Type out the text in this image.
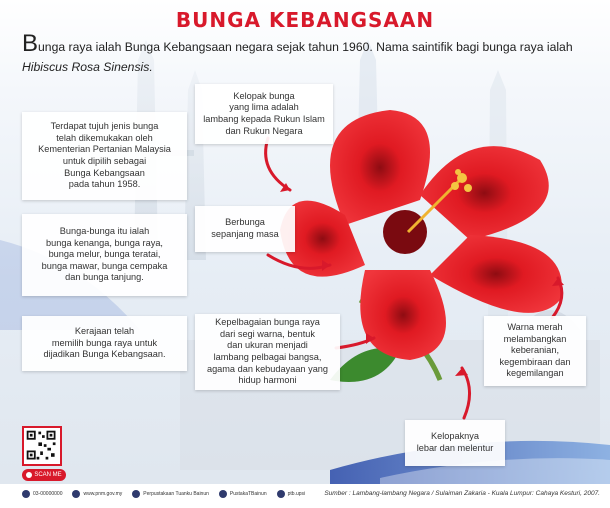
BUNGA KEBANGSAAN
Bunga raya ialah Bunga Kebangsaan negara sejak tahun 1960. Nama saintifik bagi bunga raya ialah
Hibiscus Rosa Sinensis.
Terdapat tujuh jenis bunga
telah dikemukakan oleh
Kementerian Pertanian Malaysia
untuk dipilih sebagai
Bunga Kebangsaan
pada tahun 1958.
Bunga-bunga itu ialah
bunga kenanga, bunga raya,
bunga melur, bunga teratai,
bunga mawar, bunga cempaka
dan bunga tanjung.
Kerajaan telah
memilih bunga raya untuk
dijadikan Bunga Kebangsaan.
Kelopak bunga
yang lima adalah
lambang kepada Rukun Islam
dan Rukun Negara
Berbunga
sepanjang masa
Kepelbagaian bunga raya
dari segi warna, bentuk
dan ukuran menjadi
lambang pelbagai bangsa,
agama dan kebudayaan yang
hidup harmoni
Warna merah
melambangkan
keberanian,
kegembiraan dan
kegemilangan
Kelopaknya
lebar dan melentur
SCAN ME
03-00000000	www.pnm.gov.my	Perpustakaan Tuanku Bainun	PustakaTBainun	ptb.upsi	Sumber : Lambang-lambang Negara / Sulaiman Zakaria - Kuala Lumpur: Cahaya Kesturi, 2007.
